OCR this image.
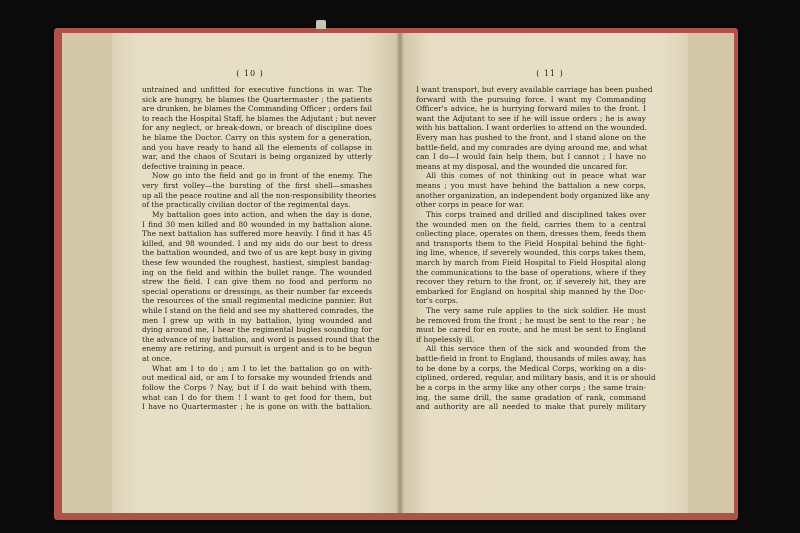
( 10 )
untrained and unfitted for executive functions in war. The
sick are hungry, he blames the Quartermaster ; the patients
are drunken, he blames the Commanding Officer ; orders fail
to reach the Hospital Staff, he blames the Adjutant ; but never
for any neglect, or break-down, or breach of discipline does
he blame the Doctor. Carry on this system for a generation,
and you have ready to hand all the elements of collapse in
war, and the chaos of Scutari is being organized by utterly
defective training in peace.
Now go into the field and go in front of the enemy. The
very first volley—the bursting of the first shell—smashes
up all the peace routine and all the non-responsibility theories
of the practically civilian doctor of the regimental days.
My battalion goes into action, and when the day is done,
I find 30 men killed and 80 wounded in my battalion alone.
The next battalion has suffered more heavily. I find it has 45
killed, and 98 wounded. I and my aids do our best to dress
the battalion wounded, and two of us are kept busy in giving
these few wounded the roughest, hastiest, simplest bandag-
ing on the field and within the bullet range. The wounded
strew the field. I can give them no food and perform no
special operations or dressings, as their number far exceeds
the resources of the small regimental medicine pannier. But
while I stand on the field and see my shattered comrades, the
men I grew up with in my battalion, lying wounded and
dying around me, I hear the regimental bugles sounding for
the advance of my battalion, and word is passed round that the
enemy are retiring, and pursuit is urgent and is to be begun
at once.
What am I to do ; am I to let the battalion go on with-
out medical aid, or am I to forsake my wounded friends and
follow the Corps ? Nay, but if I do wait behind with them,
what can I do for them ! I want to get food for them, but
I have no Quartermaster ; he is gone on with the battalion.
( 11 )
I want transport, but every available carriage has been pushed
forward with the pursuing force. I want my Commanding
Officer's advice, he is hurrying forward miles to the front. I
want the Adjutant to see if he will issue orders ; he is away
with his battalion. I want orderlies to attend on the wounded.
Every man has pushed to the front, and I stand alone on the
battle-field, and my comrades are dying around me, and what
can I do—I would fain help them, but I cannot ; I have no
means at my disposal, and the wounded die uncared for.
All this comes of not thinking out in peace what war
means ; you must have behind the battalion a new corps,
another organization, an independent body organized like any
other corps in peace for war.
This corps trained and drilled and disciplined takes over
the wounded men on the field, carries them to a central
collecting place, operates on them, dresses them, feeds them
and transports them to the Field Hospital behind the fight-
ing line, whence, if severely wounded, this corps takes them,
march by march from Field Hospital to Field Hospital along
the communications to the base of operations, where if they
recover they return to the front, or, if severely hit, they are
embarked for England on hospital ship manned by the Doc-
tor's corps.
The very same rule applies to the sick soldier. He must
be removed from the front ; he must be sent to the rear ; he
must be cared for en route, and he must be sent to England
if hopelessly ill.
All this service then of the sick and wounded from the
battle-field in front to England, thousands of miles away, has
to be done by a corps, the Medical Corps, working on a dis-
ciplined, ordered, regular, and military basis, and it is or should
be a corps in the army like any other corps ; the same train-
ing, the same drill, the same gradation of rank, command
and authority are all needed to make that purely military
